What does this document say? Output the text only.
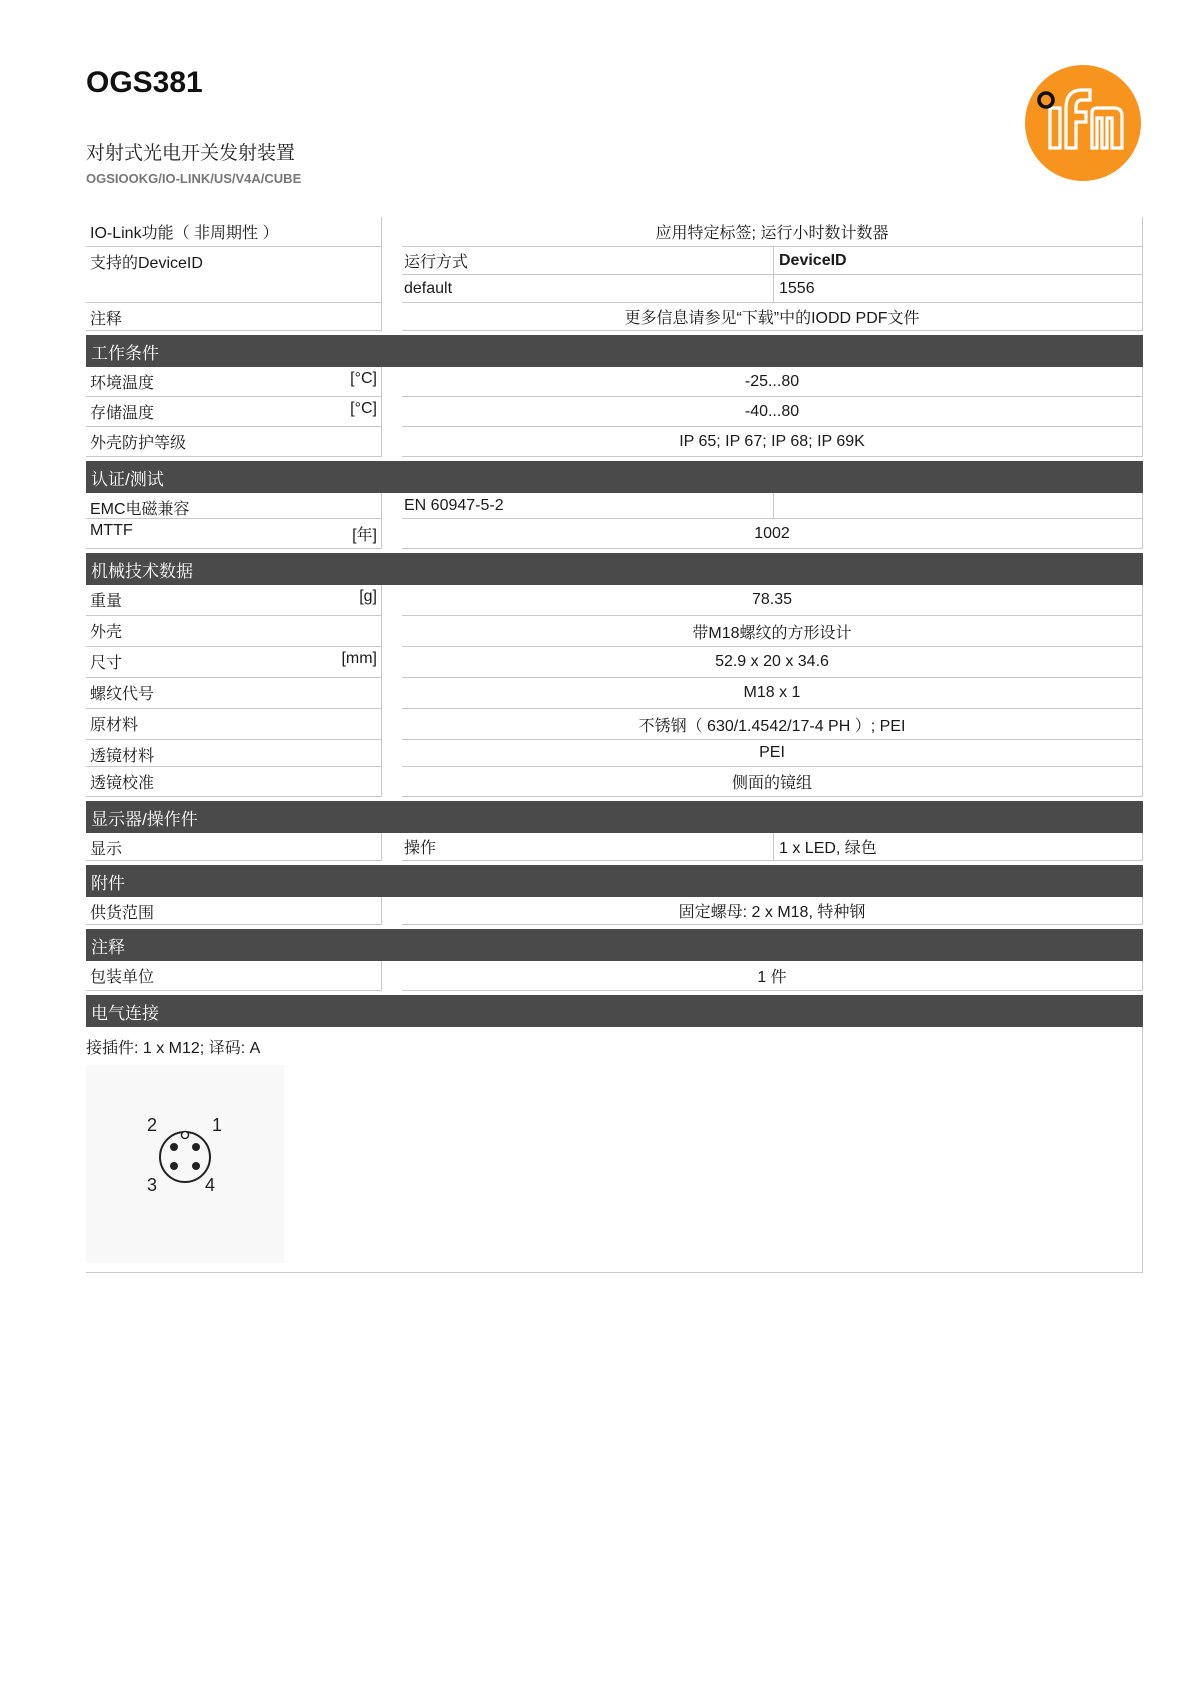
OGS381
对射式光电开关发射装置
OGSIOOKG/IO-LINK/US/V4A/CUBE
IO-Link功能（ 非周期性 ）	应用特定标签; 运行小时数计数器
支持的DeviceID	运行方式	DeviceID
default	1556
注释	更多信息请参见“下载”中的IODD PDF文件
工作条件
环境温度	[°C]	-25...80
存储温度	[°C]	-40...80
外壳防护等级	IP 65; IP 67; IP 68; IP 69K
认证/测试
EMC电磁兼容	EN 60947-5-2
MTTF	[年]	1002
机械技术数据
重量	[g]	78.35
外壳	带M18螺纹的方形设计
尺寸	[mm]	52.9 x 20 x 34.6
螺纹代号	M18 x 1
原材料	不锈钢（ 630/1.4542/17-4 PH ）; PEI
透镜材料	PEI
透镜校准	侧面的镜组
显示器/操作件
显示	操作	1 x LED, 绿色
附件
供货范围	固定螺母: 2 x M18, 特种钢
注释
包装单位	1 件
电气连接
接插件: 1 x M12; 译码: A
1
2
3	4
